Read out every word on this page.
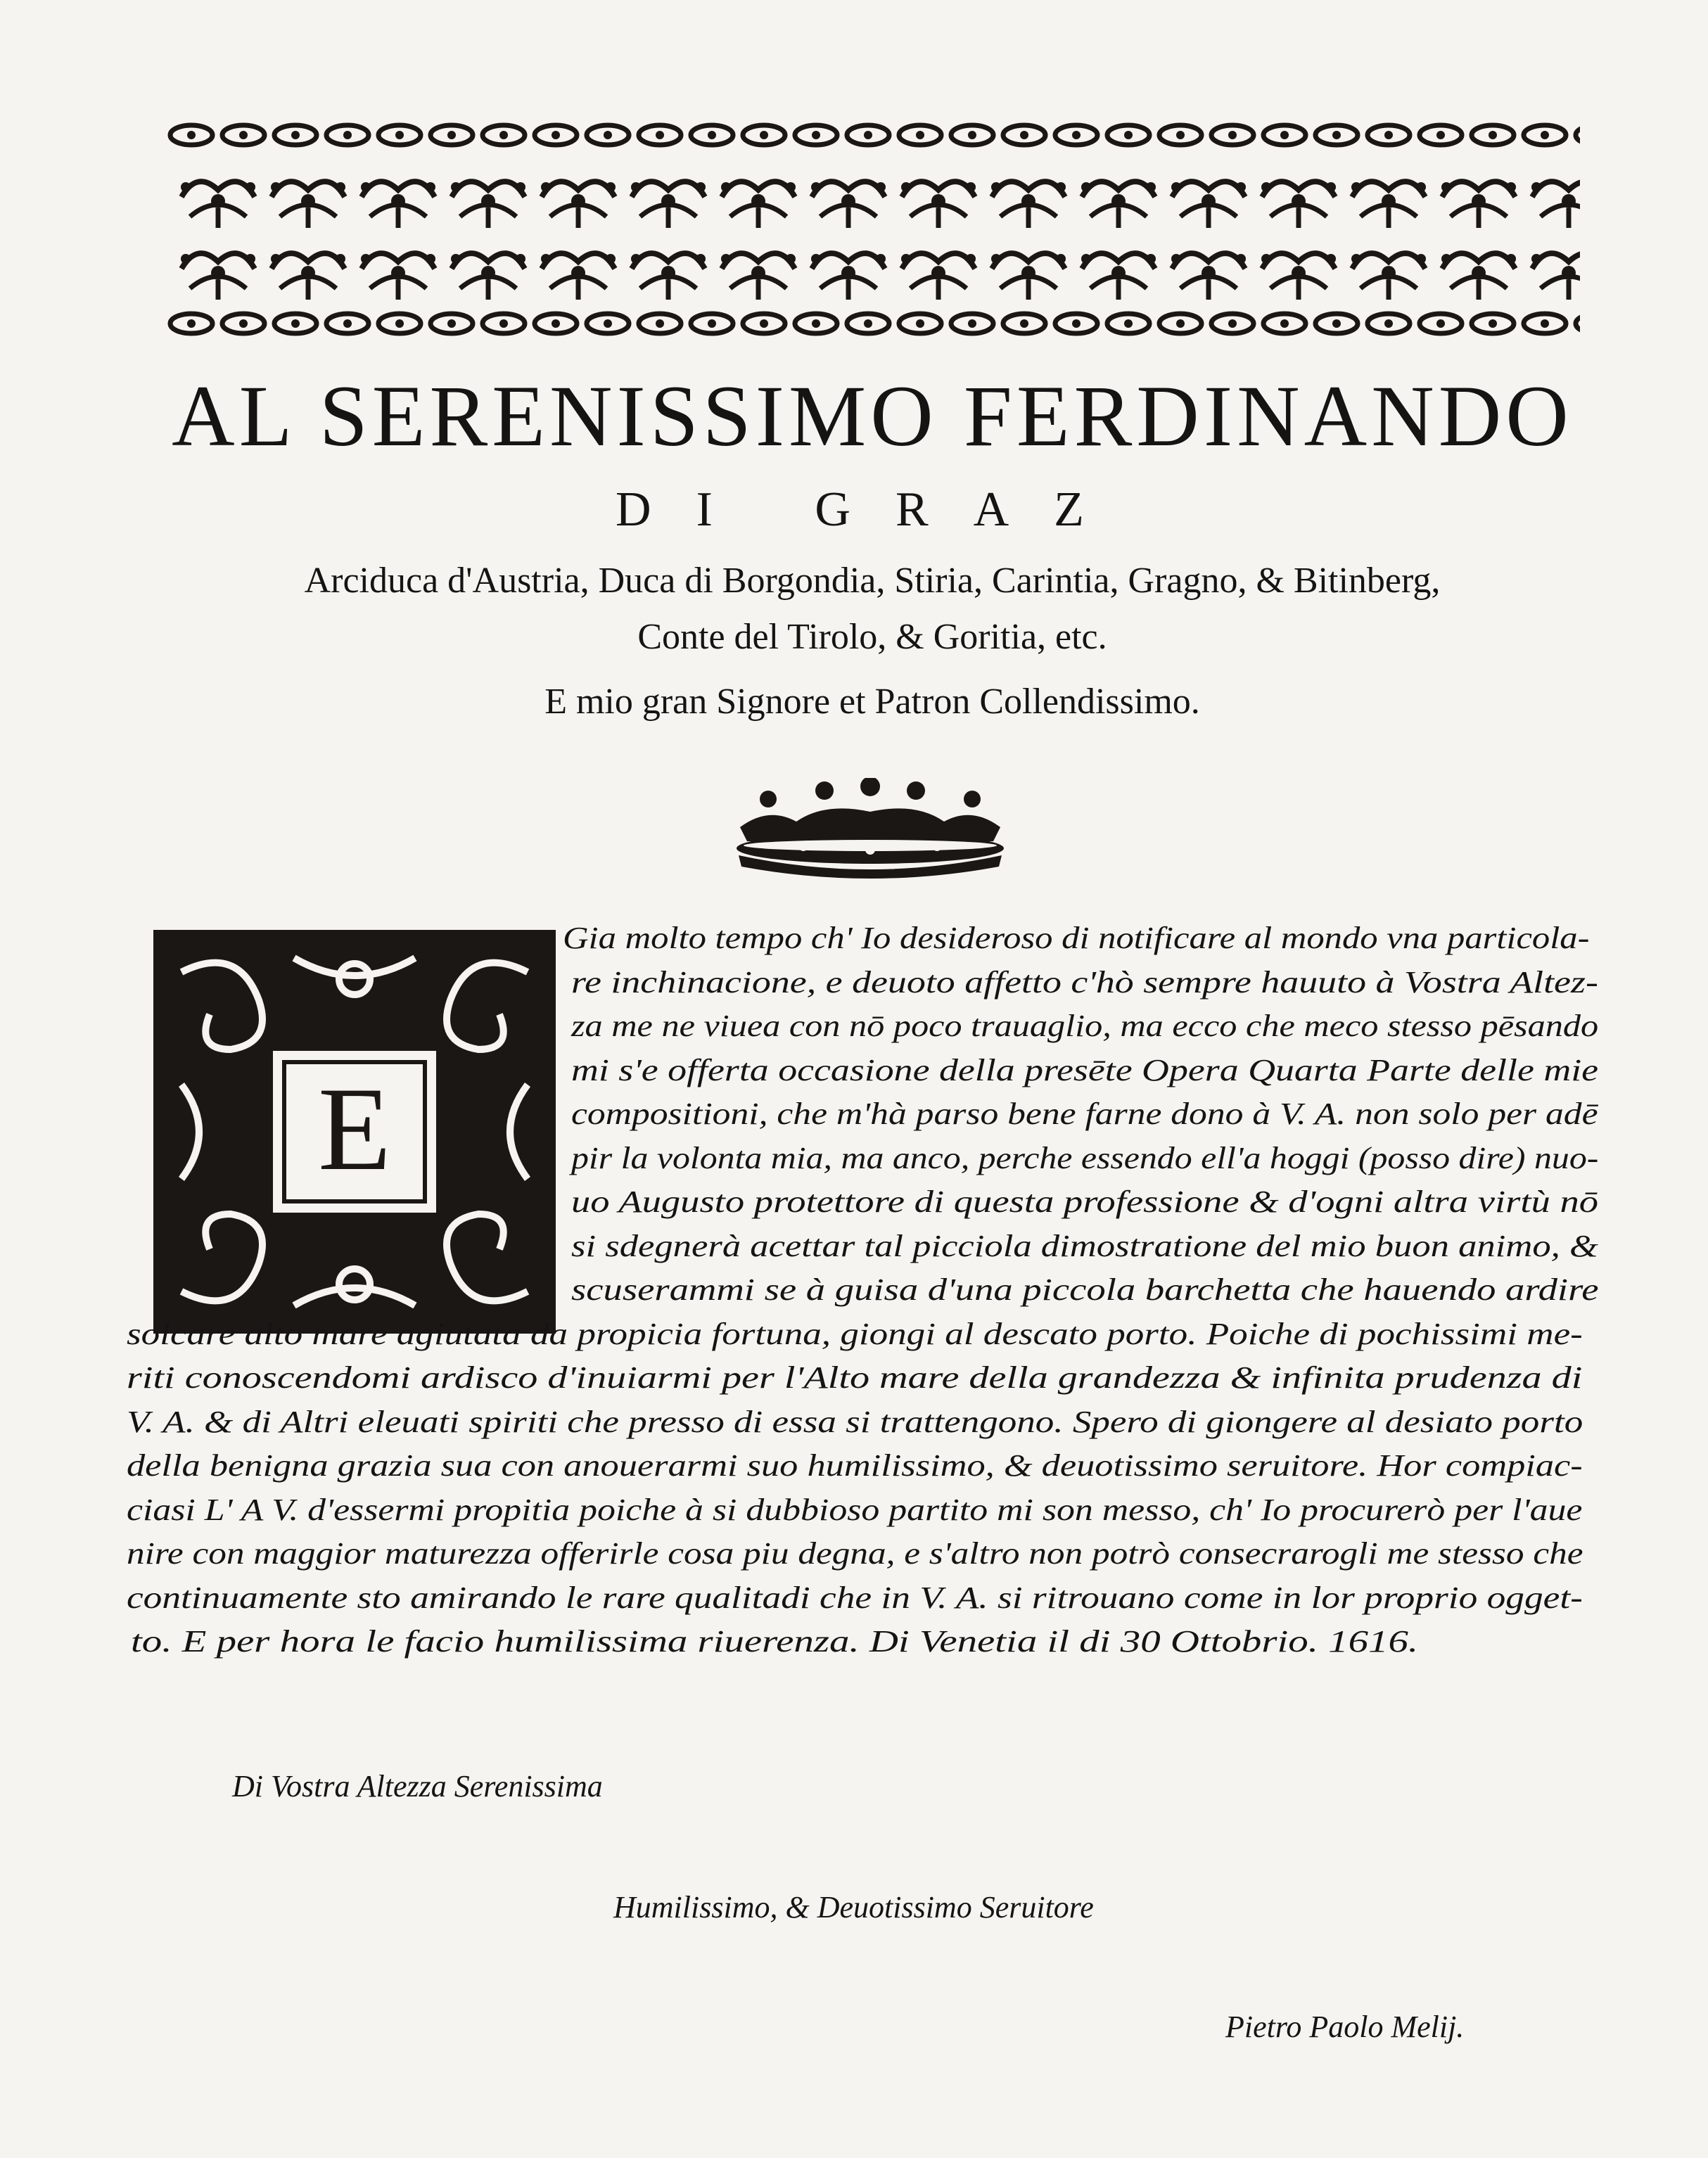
AL SERENISSIMO FERDINANDO
DI GRAZ
Arciduca d'Austria, Duca di Borgondia, Stiria, Carintia, Gragno, & Bitinberg,
Conte del Tirolo, & Goritia, etc.
E mio gran Signore et Patron Collendissimo.
E
Gia molto tempo ch' Io desideroso di notificare al mondo vna particola-
re inchinacione, e deuoto affetto c'hò sempre hauuto à Vostra Altez-
za me ne viuea con nō poco trauaglio, ma ecco che meco stesso pēsando
mi s'e offerta occasione della presēte Opera Quarta Parte delle mie
compositioni, che m'hà parso bene farne dono à V. A. non solo per adē
pir la volonta mia, ma anco, perche essendo ell'a hoggi (posso dire) nuo-
uo Augusto protettore di questa professione & d'ogni altra virtù nō
si sdegnerà acettar tal picciola dimostratione del mio buon animo, &
scuserammi se à guisa d'una piccola barchetta che hauendo ardire
solcare alto mare agiutata da propicia fortuna, giongi al descato porto. Poiche di pochissimi me-
riti conoscendomi ardisco d'inuiarmi per l'Alto mare della grandezza & infinita prudenza di
V. A. & di Altri eleuati spiriti che presso di essa si trattengono. Spero di giongere al desiato porto
della benigna grazia sua con anouerarmi suo humilissimo, & deuotissimo seruitore. Hor compiac-
ciasi L' A V. d'essermi propitia poiche à si dubbioso partito mi son messo, ch' Io procurerò per l'aue
nire con maggior maturezza offerirle cosa piu degna, e s'altro non potrò consecrarogli me stesso che
continuamente sto amirando le rare qualitadi che in V. A. si ritrouano come in lor proprio ogget-
to. E per hora le facio humilissima riuerenza. Di Venetia il di 30 Ottobrio. 1616.
Di Vostra Altezza Serenissima
Humilissimo, & Deuotissimo Seruitore
Pietro Paolo Melij.
